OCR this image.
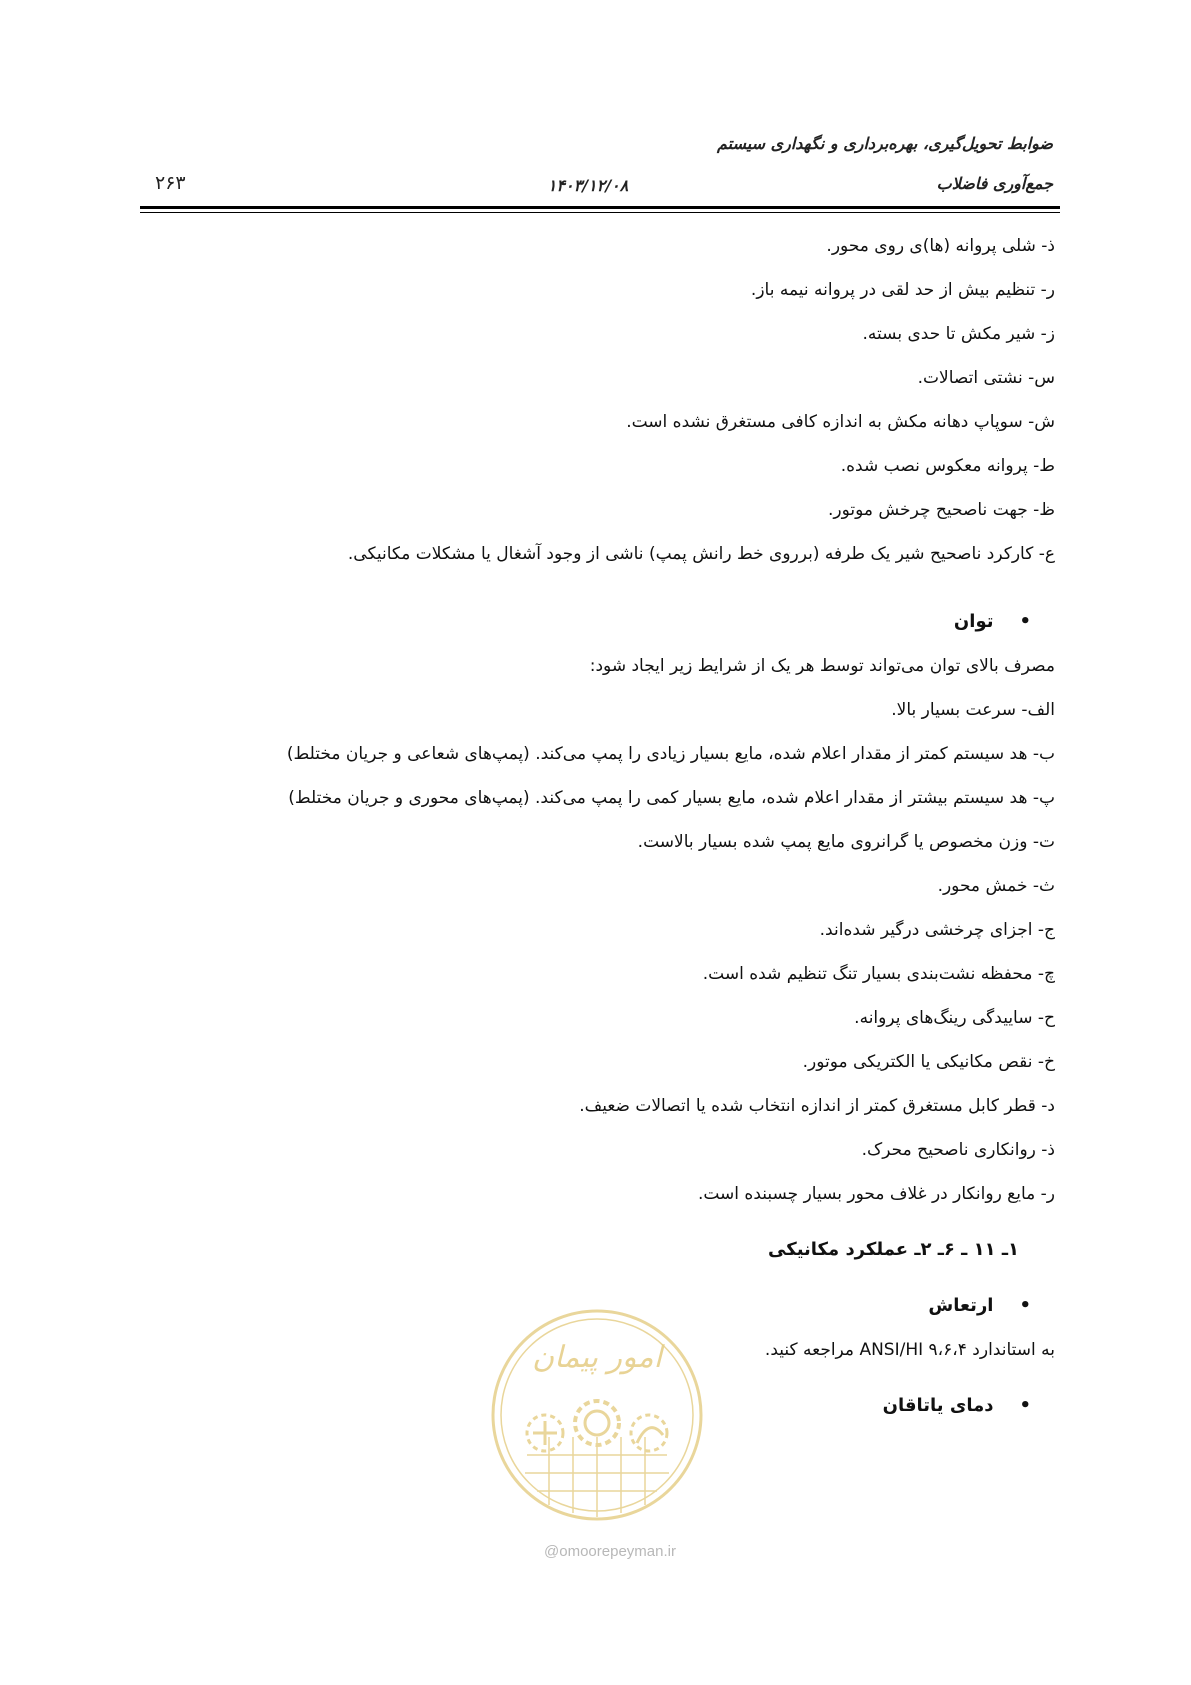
ضوابط تحویل‌گیری، بهره‌برداری و نگهداری سیستم
جمع‌آوری فاضلاب
۱۴۰۳/۱۲/۰۸
۲۶۳
ذ- شلی پروانه (ها)ی روی محور.
ر- تنظیم بیش از حد لقی در پروانه نیمه باز.
ز- شیر مکش تا حدی بسته.
س- نشتی اتصالات.
ش- سوپاپ دهانه مکش به اندازه کافی مستغرق نشده است.
ط- پروانه معکوس نصب شده.
ظ- جهت ناصحیح چرخش موتور.
ع- کارکرد ناصحیح شیر یک طرفه (برروی خط رانش پمپ) ناشی از وجود آشغال یا مشکلات مکانیکی.
•توان
مصرف بالای توان می‌تواند توسط هر یک از شرایط زیر ایجاد شود:
الف- سرعت بسیار بالا.
ب- هد سیستم کمتر از مقدار اعلام شده، مایع بسیار زیادی را پمپ می‌کند. (پمپ‌های شعاعی و جریان مختلط)
پ- هد سیستم بیشتر از مقدار اعلام شده، مایع بسیار کمی را پمپ می‌کند. (پمپ‌های محوری و جریان مختلط)
ت- وزن مخصوص یا گرانروی مایع پمپ شده بسیار بالاست.
ث- خمش محور.
ج- اجزای چرخشی درگیر شده‌اند.
چ- محفظه نشت‌بندی بسیار تنگ تنظیم شده است.
ح- ساییدگی رینگ‌های پروانه.
خ- نقص مکانیکی یا الکتریکی موتور.
د- قطر کابل مستغرق کمتر از اندازه انتخاب شده یا اتصالات ضعیف.
ذ- روانکاری ناصحیح محرک.
ر- مایع روانکار در غلاف محور بسیار چسبنده است.
۱ـ ۱۱ ـ ۶ـ ۲ـ عملکرد مکانیکی
•ارتعاش
به استاندارد ANSI/HI ۹،۶،۴ مراجعه کنید.
•دمای یاتاقان
امور پیمان
@omoorepeyman.ir
